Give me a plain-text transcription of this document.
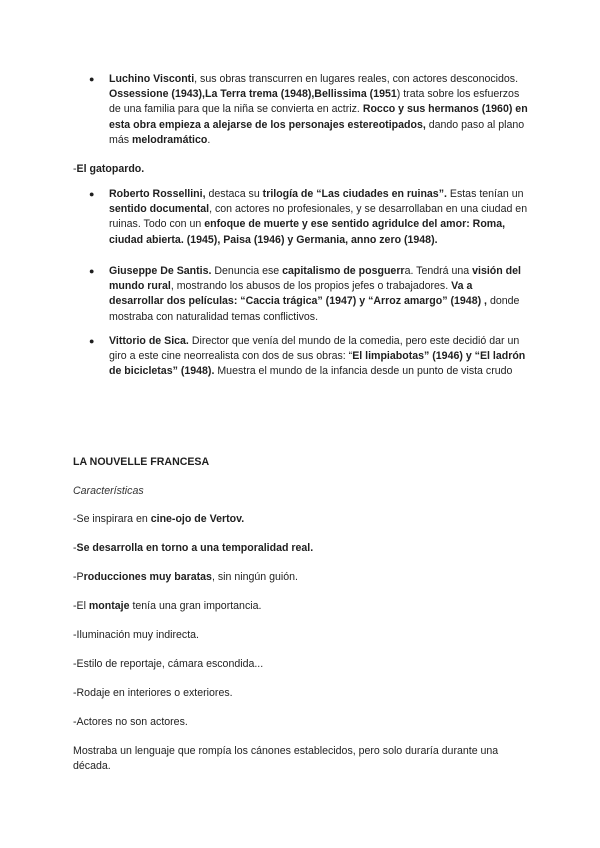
● Luchino Visconti, sus obras transcurren en lugares reales, con actores desconocidos. Ossessione (1943),La Terra trema (1948),Bellissima (1951) trata sobre los esfuerzos de una familia para que la niña se convierta en actriz. Rocco y sus hermanos (1960) en esta obra empieza a alejarse de los personajes estereotipados, dando paso al plano más melodramático.

-El gatopardo.

● Roberto Rossellini, destaca su trilogía de “Las ciudades en ruinas”. Estas tenían un sentido documental, con actores no profesionales, y se desarrollaban en una ciudad en ruinas. Todo con un enfoque de muerte y ese sentido agridulce del amor: Roma, ciudad abierta. (1945), Paisa (1946) y Germania, anno zero (1948).

● Giuseppe De Santis. Denuncia ese capitalismo de posguerra. Tendrá una visión del mundo rural, mostrando los abusos de los propios jefes o trabajadores. Va a desarrollar dos películas: “Caccia trágica” (1947) y “Arroz amargo” (1948) , donde mostraba con naturalidad temas conflictivos.

● Vittorio de Sica. Director que venía del mundo de la comedia, pero este decidió dar un giro a este cine neorrealista con dos de sus obras: “El limpiabotas” (1946) y “El ladrón de bicicletas” (1948). Muestra el mundo de la infancia desde un punto de vista crudo

LA NOUVELLE FRANCESA

Características

-Se inspirara en cine-ojo de Vertov.

-Se desarrolla en torno a una temporalidad real.

-Producciones muy baratas, sin ningún guión.

-El montaje tenía una gran importancia.

-Iluminación muy indirecta.

-Estilo de reportaje, cámara escondida...

-Rodaje en interiores o exteriores.

-Actores no son actores.

Mostraba un lenguaje que rompía los cánones establecidos, pero solo duraría durante una década.
